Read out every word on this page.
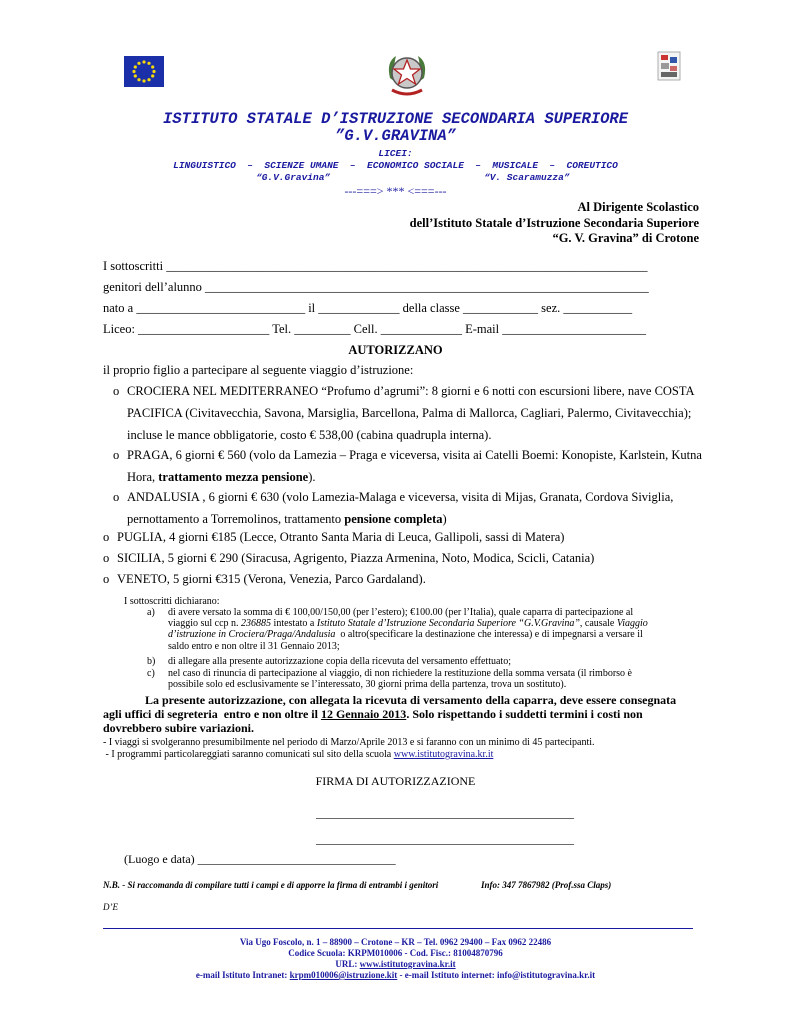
ISTITUTO STATALE D’ISTRUZIONE SECONDARIA SUPERIORE
”G.V.GRAVINA”
LICEI:
LINGUISTICO  –  SCIENZE UMANE  –  ECONOMICO SOCIALE  –  MUSICALE  –  COREUTICO
“G.V.Gravina”	“V. Scaramuzza”
---===> *** <===---
Al Dirigente Scolastico
dell’Istituto Statale d’Istruzione Secondaria Superiore
“G. V. Gravina” di Crotone
I sottoscritti _____________________________________________________________________________
genitori dell’alunno _______________________________________________________________________
nato a ___________________________ il _____________ della classe ____________ sez. ___________
Liceo: _____________________ Tel. _________ Cell. _____________ E-mail _______________________
AUTORIZZANO
il proprio figlio a partecipare al seguente viaggio d’istruzione:
o CROCIERA NEL MEDITERRANEO “Profumo d’agrumi”: 8 giorni e 6 notti con escursioni libere, nave COSTA
PACIFICA (Civitavecchia, Savona, Marsiglia, Barcellona, Palma di Mallorca, Cagliari, Palermo, Civitavecchia);
incluse le mance obbligatorie, costo € 538,00 (cabina quadrupla interna).
o PRAGA, 6 giorni € 560 (volo da Lamezia – Praga e viceversa, visita ai Catelli Boemi: Konopiste, Karlstein, Kutna
Hora, trattamento mezza pensione).
o ANDALUSIA , 6 giorni € 630 (volo Lamezia-Malaga e viceversa, visita di Mijas, Granata, Cordova Siviglia,
pernottamento a Torremolinos, trattamento pensione completa)
o PUGLIA, 4 giorni €185 (Lecce, Otranto Santa Maria di Leuca, Gallipoli, sassi di Matera)
o SICILIA, 5 giorni € 290 (Siracusa, Agrigento, Piazza Armenina, Noto, Modica, Scicli, Catania)
o VENETO, 5 giorni €315 (Verona, Venezia, Parco Gardaland).
I sottoscritti dichiarano:
a) di avere versato la somma di € 100,00/150,00 (per l’estero); €100.00 (per l’Italia), quale caparra di partecipazione al
viaggio sul ccp n. 236885 intestato a Istituto Statale d’Istruzione Secondaria Superiore “G.V.Gravina”, causale Viaggio
d’istruzione in Crociera/Praga/Andalusia  o altro(specificare la destinazione che interessa) e di impegnarsi a versare il
saldo entro e non oltre il 31 Gennaio 2013;
b) di allegare alla presente autorizzazione copia della ricevuta del versamento effettuato;
c) nel caso di rinuncia di partecipazione al viaggio, di non richiedere la restituzione della somma versata (il rimborso è
possibile solo ed esclusivamente se l’interessato, 30 giorni prima della partenza, trova un sostituto).
La presente autorizzazione, con allegata la ricevuta di versamento della caparra, deve essere consegnata
agli uffici di segreteria  entro e non oltre il 12 Gennaio 2013. Solo rispettando i suddetti termini i costi non
dovrebbero subire variazioni.
- I viaggi si svolgeranno presumibilmente nel periodo di Marzo/Aprile 2013 e si faranno con un minimo di 45 partecipanti.
- I programmi particolareggiati saranno comunicati sul sito della scuola www.istitutogravina.kr.it
FIRMA DI AUTORIZZAZIONE
___________________________________________
___________________________________________
(Luogo e data) _________________________________
N.B. - Si raccomanda di compilare tutti i campi e di apporre la firma di entrambi i genitori	Info: 347 7867982 (Prof.ssa Claps)
D’E
Via Ugo Foscolo, n. 1 – 88900 – Crotone – KR – Tel. 0962 29400 – Fax 0962 22486
Codice Scuola: KRPM010006 - Cod. Fisc.: 81004870796
URL: www.istitutogravina.kr.it
e-mail Istituto Intranet: krpm010006@istruzione.kit - e-mail Istituto internet: info@istitutogravina.kr.it
